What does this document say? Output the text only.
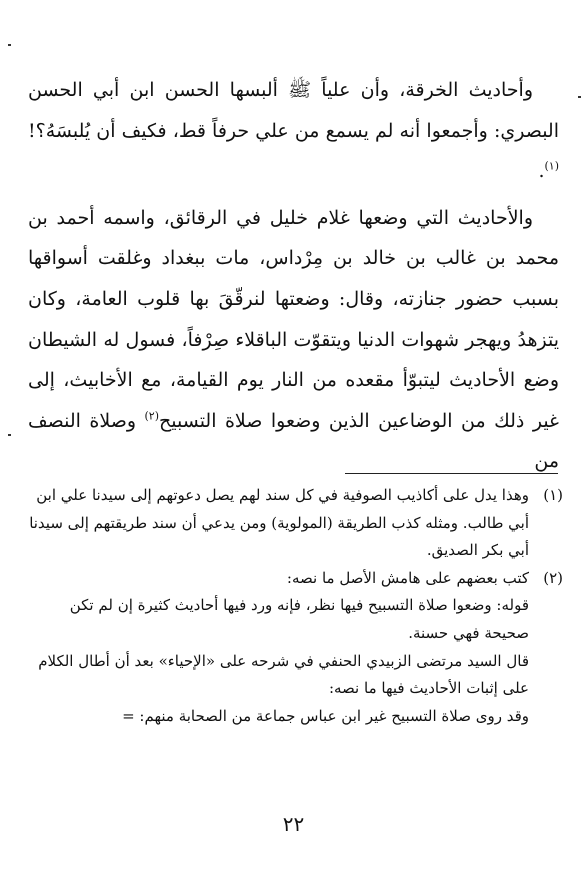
وأحاديث الخرقة، وأن علياً ﷺ ألبسها الحسن ابن أبي الحسن البصري: وأجمعوا أنه لم يسمع من علي حرفاً قط، فكيف أن يُلبسَهُ؟!$^{(١)}$.

والأحاديث التي وضعها غلام خليل في الرقائق، واسمه أحمد بن محمد بن غالب بن خالد بن مِرْداس، مات ببغداد وغلقت أسواقها بسبب حضور جنازته، وقال: وضعتها لنرقّقَ بها قلوب العامة، وكان يتزهدُ ويهجر شهوات الدنيا ويتقوّت الباقلاء صِرْفاً، فسول له الشيطان وضع الأحاديث ليتبوّأ مقعده من النار يوم القيامة، مع الأخابيث، إلى غير ذلك من الوضاعين الذين وضعوا صلاة التسبيح$^{(٢)}$ وصلاة النصف من

(١)

وهذا يدل على أكاذيب الصوفية في كل سند لهم يصل دعوتهم إلى سيدنا علي ابن أبي طالب. ومثله كذب الطريقة (المولوية) ومن يدعي أن سند طريقتهم إلى سيدنا أبي بكر الصديق.

(٢)

كتب بعضهم على هامش الأصل ما نصه:

قوله: وضعوا صلاة التسبيح فيها نظر، فإنه ورد فيها أحاديث كثيرة إن لم تكن صحيحة فهي حسنة.

قال السيد مرتضى الزبيدي الحنفي في شرحه على «الإحياء» بعد أن أطال الكلام على إثبات الأحاديث فيها ما نصه:

وقد روى صلاة التسبيح غير ابن عباس جماعة من الصحابة منهم: =

٢٢
